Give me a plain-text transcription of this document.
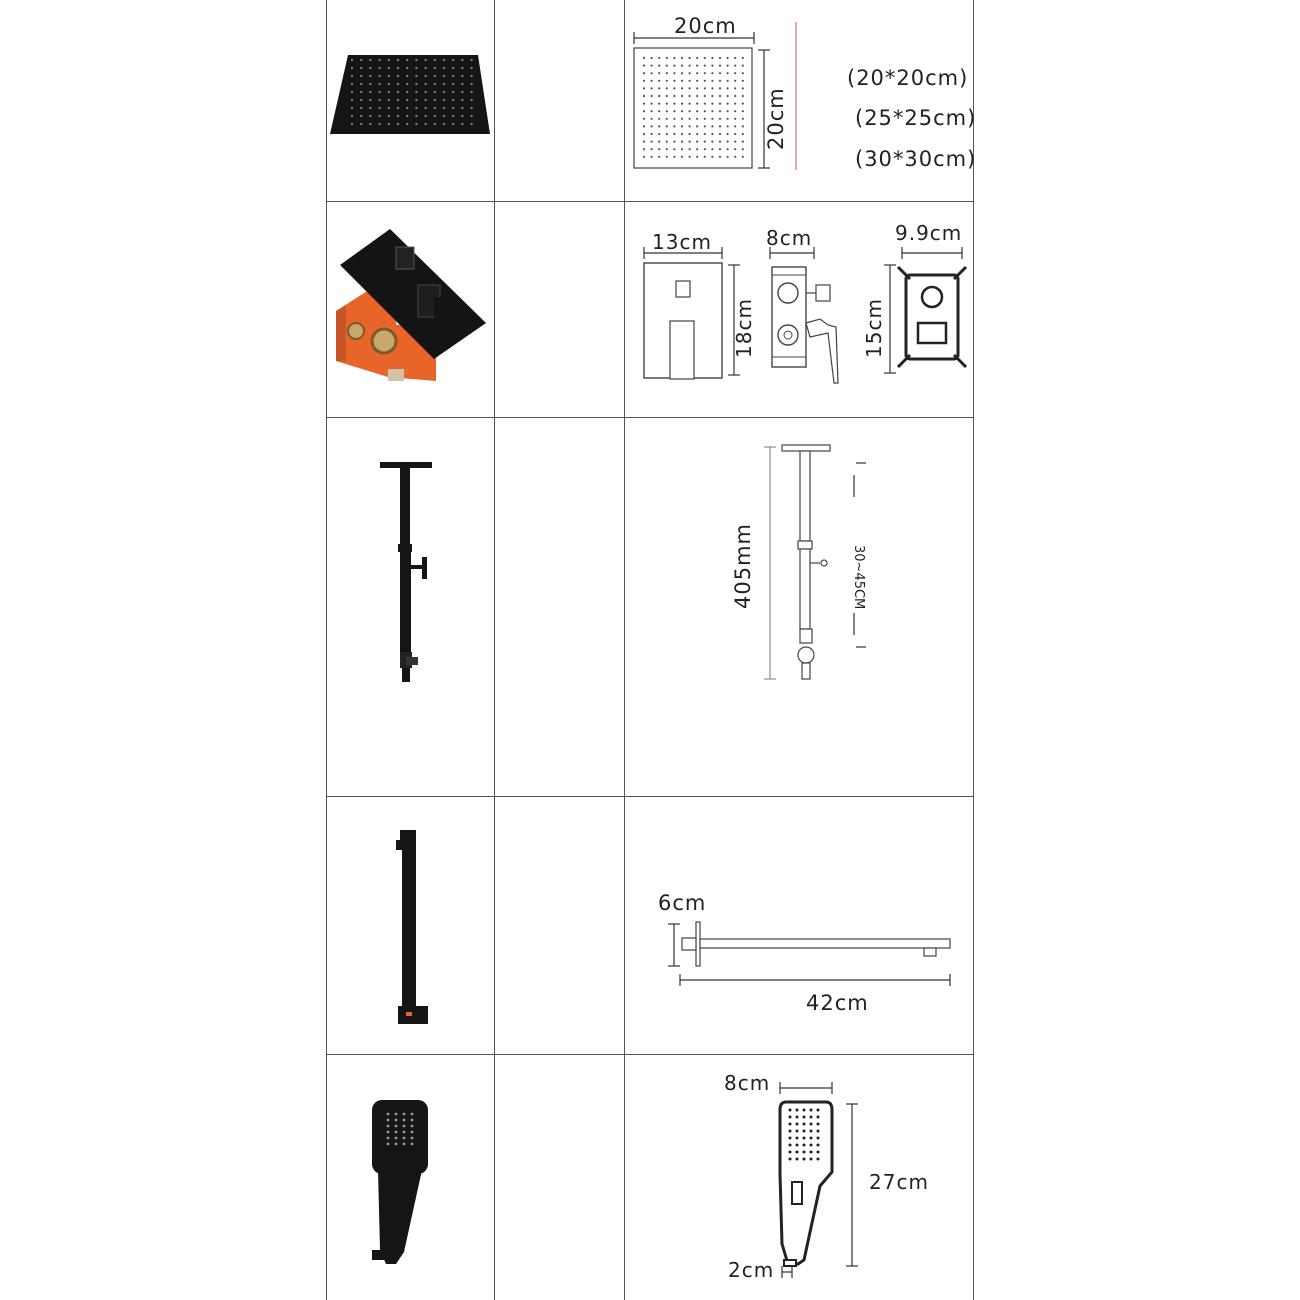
20cm
20cm
(20*20cm)
(25*25cm)
(30*30cm)
13cm
18cm
8cm	9.9cm
15cm
405mm	30~45CM
6cm
42cm
8cm
27cm
2cm
